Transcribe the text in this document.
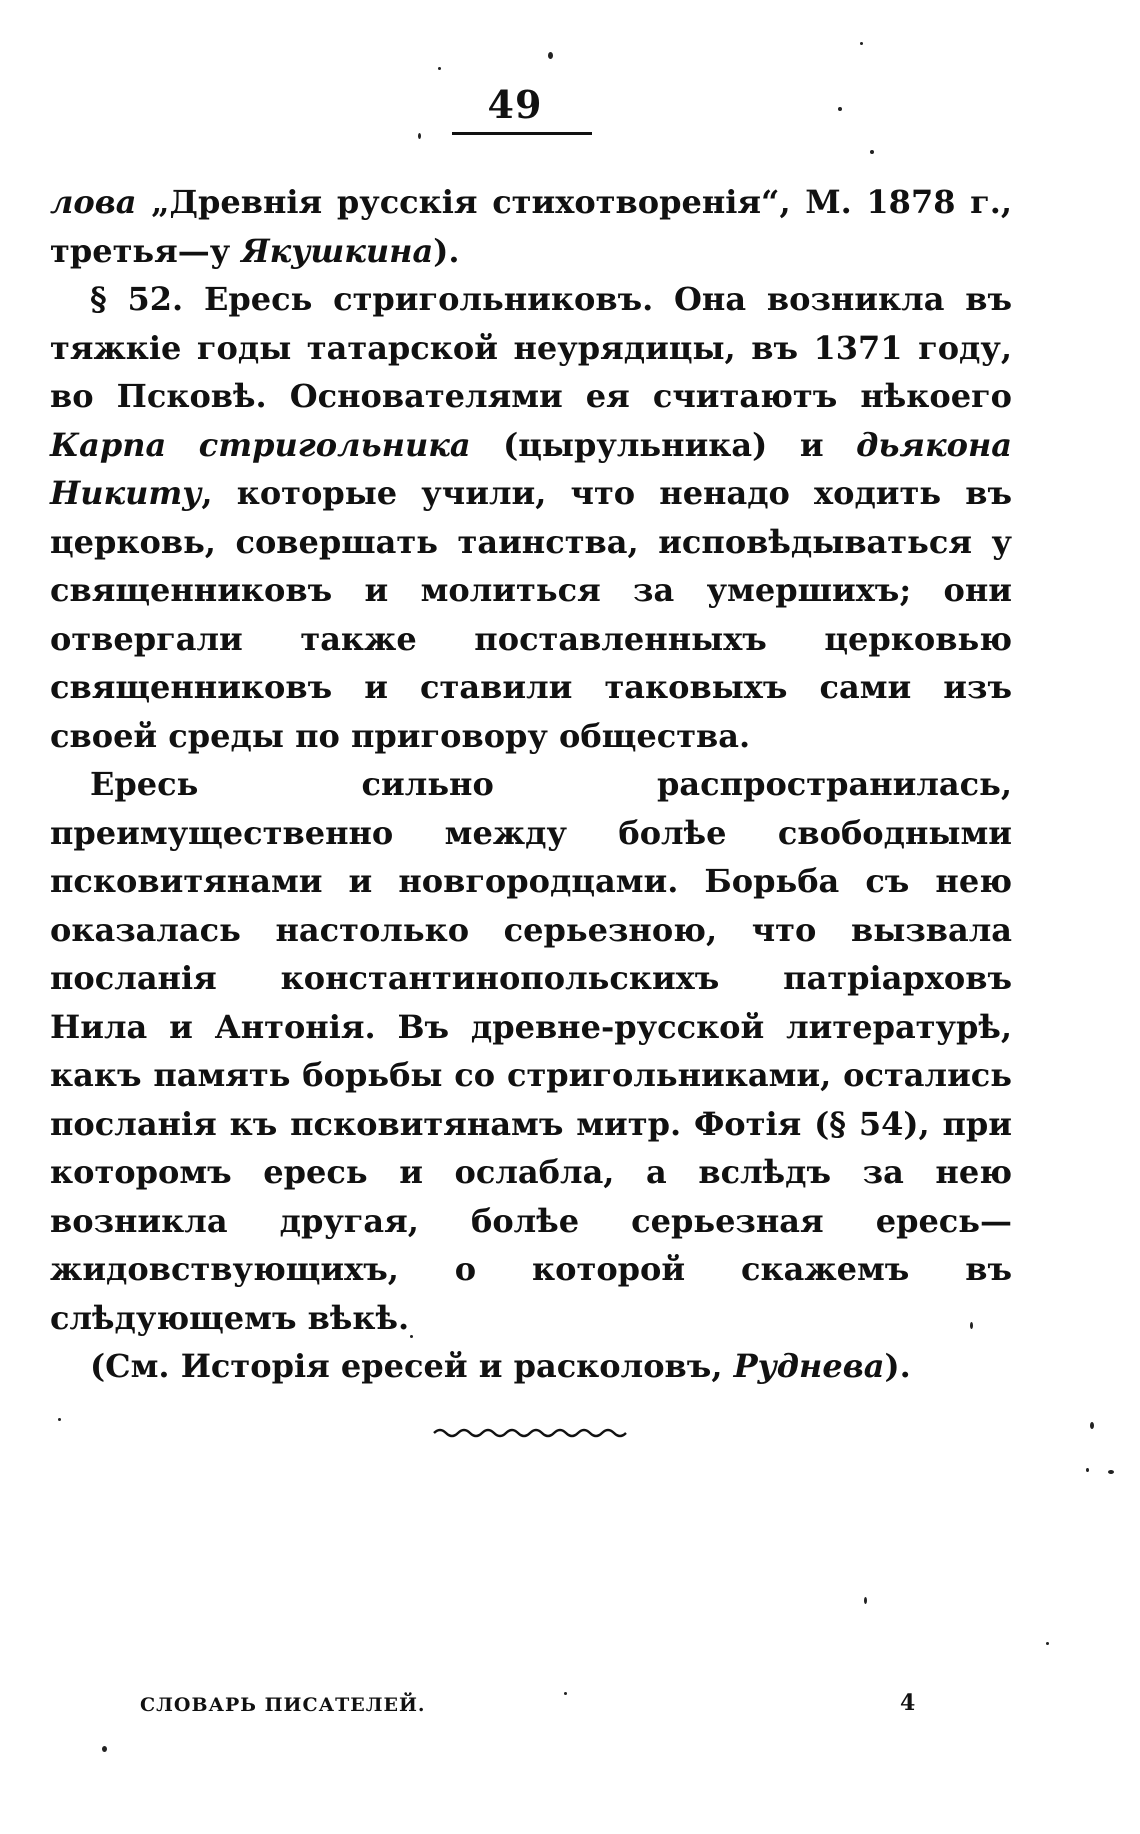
49

лова „Древнія русскія стихотворенія“, М. 1878 г., третья—у Якушкина).

§ 52. Ересь стригольниковъ. Она возникла въ тяжкіе годы татарской неурядицы, въ 1371 году, во Псковѣ. Основателями ея считаютъ нѣкоего Карпа стригольника (цырульника) и дьякона Никиту, которые учили, что ненадо ходить въ церковь, совершать таинства, исповѣдываться у священниковъ и молиться за умершихъ; они отвергали также поставленныхъ церковью священниковъ и ставили таковыхъ сами изъ своей среды по приговору общества.

Ересь сильно распространилась, преимущественно между болѣе свободными псковитянами и новгородцами. Борьба съ нею оказалась настолько серьезною, что вызвала посланія константинопольскихъ патріарховъ Нила и Антонія. Въ древне-русской литературѣ, какъ память борьбы со стригольниками, остались посланія къ псковитянамъ митр. Фотія (§ 54), при которомъ ересь и ослабла, а вслѣдъ за нею возникла другая, болѣе серьезная ересь—жидовствующихъ, о которой скажемъ въ слѣдующемъ вѣкѣ.

(См. Исторія ересей и расколовъ, Руднева).

СЛОВАРЬ ПИСАТЕЛЕЙ.	4
